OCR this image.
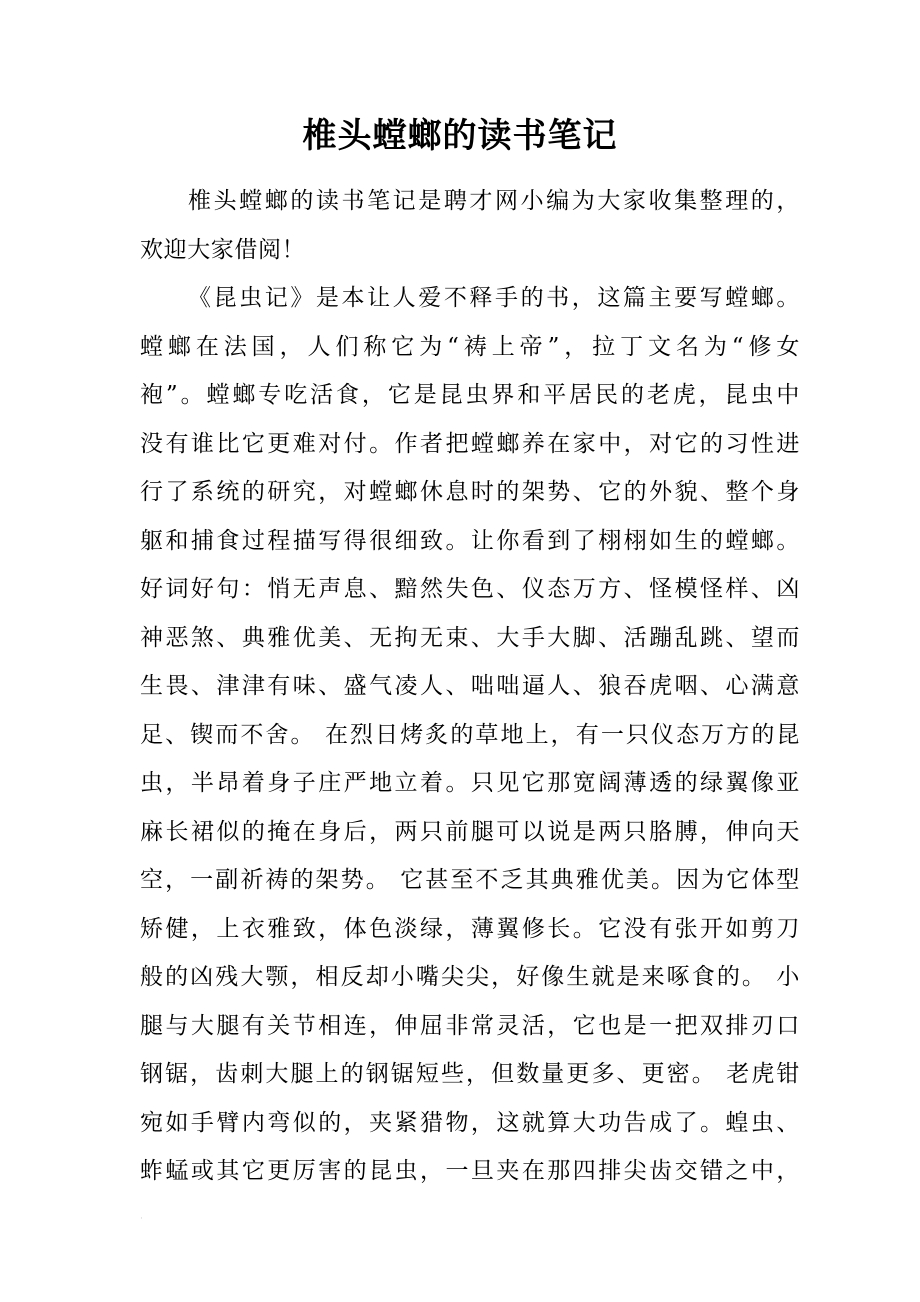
椎头螳螂的读书笔记
椎头螳螂的读书笔记是聘才网小编为大家收集整理的，
欢迎大家借阅！
《昆虫记》是本让人爱不释手的书，这篇主要写螳螂。
螳螂在法国，人们称它为“祷上帝”，拉丁文名为“修女
袍”。螳螂专吃活食，它是昆虫界和平居民的老虎，昆虫中
没有谁比它更难对付。作者把螳螂养在家中，对它的习性进
行了系统的研究，对螳螂休息时的架势、它的外貌、整个身
躯和捕食过程描写得很细致。让你看到了栩栩如生的螳螂。
好词好句：悄无声息、黯然失色、仪态万方、怪模怪样、凶
神恶煞、典雅优美、无拘无束、大手大脚、活蹦乱跳、望而
生畏、津津有味、盛气凌人、咄咄逼人、狼吞虎咽、心满意
足、锲而不舍。 在烈日烤炙的草地上，有一只仪态万方的昆
虫，半昂着身子庄严地立着。只见它那宽阔薄透的绿翼像亚
麻长裙似的掩在身后，两只前腿可以说是两只胳膊，伸向天
空，一副祈祷的架势。 它甚至不乏其典雅优美。因为它体型
矫健，上衣雅致，体色淡绿，薄翼修长。它没有张开如剪刀
般的凶残大颚，相反却小嘴尖尖，好像生就是来啄食的。 小
腿与大腿有关节相连，伸屈非常灵活，它也是一把双排刃口
钢锯，齿刺大腿上的钢锯短些，但数量更多、更密。 老虎钳
宛如手臂内弯似的，夹紧猎物，这就算大功告成了。蝗虫、
蚱蜢或其它更厉害的昆虫，一旦夹在那四排尖齿交错之中，
·
